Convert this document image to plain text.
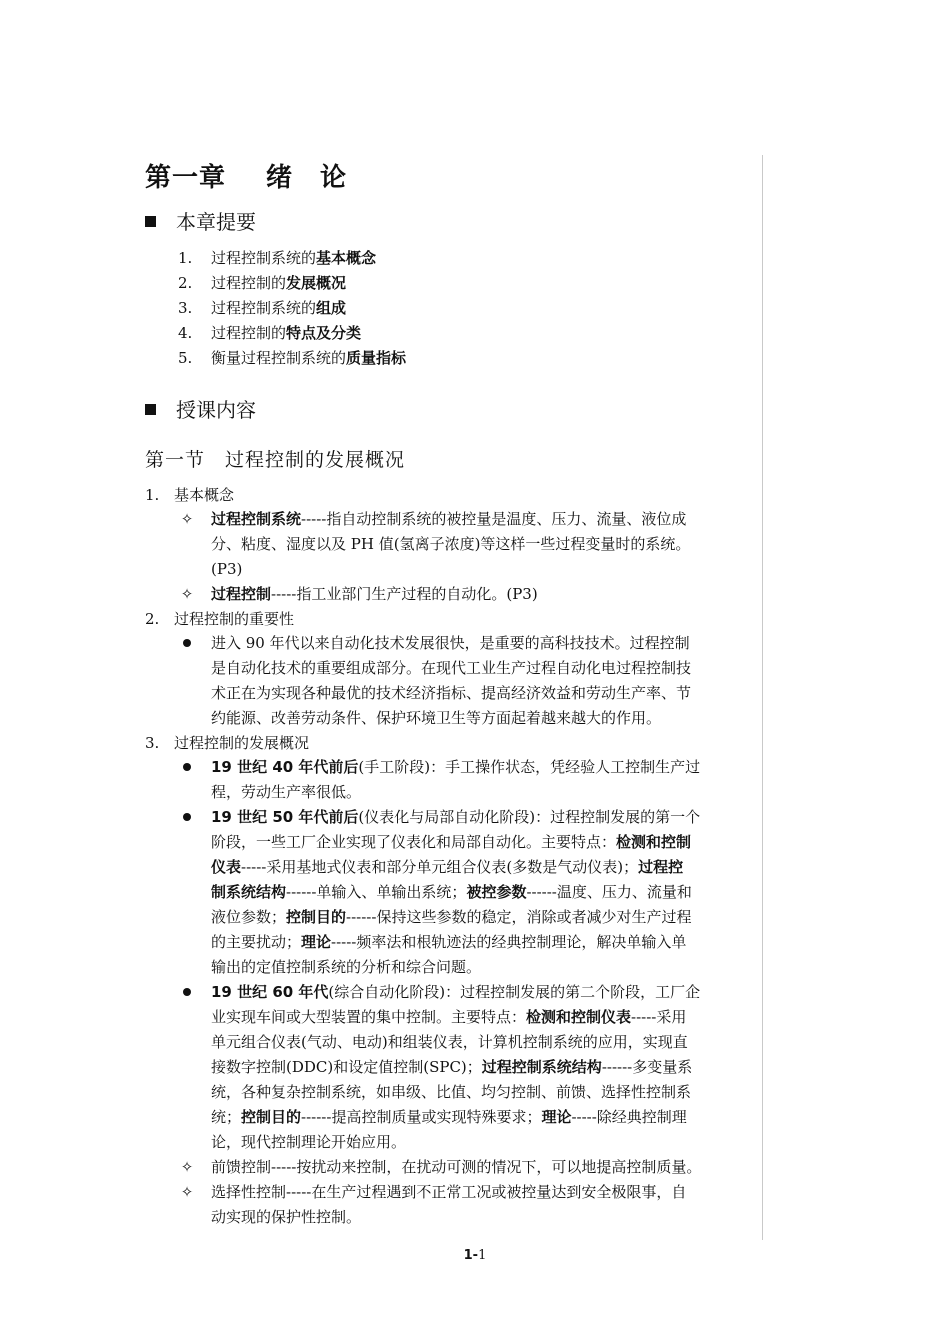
第一章 绪　论
本章提要
1. 过程控制系统的基本概念
2. 过程控制的发展概况
3. 过程控制系统的组成
4. 过程控制的特点及分类
5. 衡量过程控制系统的质量指标
授课内容
第一节　过程控制的发展概况
1. 基本概念
✧ 过程控制系统-----指自动控制系统的被控量是温度、压力、流量、液位成
分、粘度、湿度以及 PH 值(氢离子浓度)等这样一些过程变量时的系统。
(P3)
✧ 过程控制-----指工业部门生产过程的自动化。(P3)
2. 过程控制的重要性
进入 90 年代以来自动化技术发展很快，是重要的高科技技术。过程控制
是自动化技术的重要组成部分。在现代工业生产过程自动化电过程控制技
术正在为实现各种最优的技术经济指标、提高经济效益和劳动生产率、节
约能源、改善劳动条件、保护环境卫生等方面起着越来越大的作用。
3. 过程控制的发展概况
19 世纪 40 年代前后(手工阶段)：手工操作状态，凭经验人工控制生产过
程，劳动生产率很低。
19 世纪 50 年代前后(仪表化与局部自动化阶段)：过程控制发展的第一个
阶段，一些工厂企业实现了仪表化和局部自动化。主要特点：检测和控制
仪表-----采用基地式仪表和部分单元组合仪表(多数是气动仪表)；过程控
制系统结构------单输入、单输出系统；被控参数------温度、压力、流量和
液位参数；控制目的------保持这些参数的稳定，消除或者减少对生产过程
的主要扰动；理论-----频率法和根轨迹法的经典控制理论，解决单输入单
输出的定值控制系统的分析和综合问题。
19 世纪 60 年代(综合自动化阶段)：过程控制发展的第二个阶段，工厂企
业实现车间或大型装置的集中控制。主要特点：检测和控制仪表-----采用
单元组合仪表(气动、电动)和组装仪表，计算机控制系统的应用，实现直
接数字控制(DDC)和设定值控制(SPC)；过程控制系统结构------多变量系
统，各种复杂控制系统，如串级、比值、均匀控制、前馈、选择性控制系
统；控制目的------提高控制质量或实现特殊要求；理论-----除经典控制理
论，现代控制理论开始应用。
✧ 前馈控制-----按扰动来控制，在扰动可测的情况下，可以地提高控制质量。
✧ 选择性控制-----在生产过程遇到不正常工况或被控量达到安全极限事，自
动实现的保护性控制。
1-1
